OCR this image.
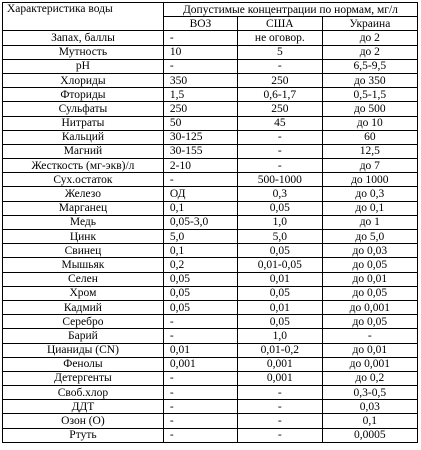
Характеристика воды	Допустимые концентрации по нормам, мг/л		
	ВОЗ	США	Украина
Запах, баллы	-	не оговор.	до 2
Мутность	10	5	до 2
pH	-	-	6,5-9,5
Хлориды	350	250	до 350
Фториды	1,5	0,6-1,7	0,5-1,5
Сульфаты	250	250	до 500
Нитраты	50	45	до 10
Кальций	30-125	-	60
Магний	30-155	-	12,5
Жесткость (мг-экв)/л	2-10	-	до 7
Сух.остаток	-	500-1000	до 1000
Железо	ОД	0,3	до 0,3
Марганец	0,1	0,05	до 0,1
Медь	0,05-3,0	1,0	до 1
Цинк	5,0	5,0	до 5,0
Свинец	0,1	0,05	до 0,03
Мышьяк	0,2	0,01-0,05	до 0,05
Селен	0,05	0,01	до 0,01
Хром	0,05	0,05	до 0,05
Кадмий	0,05	0,01	до 0,001
Серебро	-	0,05	до 0,05
Барий	-	1,0	-
Цианиды (CN)	0,01	0,01-0,2	до 0,01
Фенолы	0,001	0,001	до 0,001
Детергенты	-	0,001	до 0,2
Своб.хлор	-	-	0,3-0,5
ДДТ	-	-	0,03
Озон (О)	-	-	0,1
Ртуть	-	-	0,0005
